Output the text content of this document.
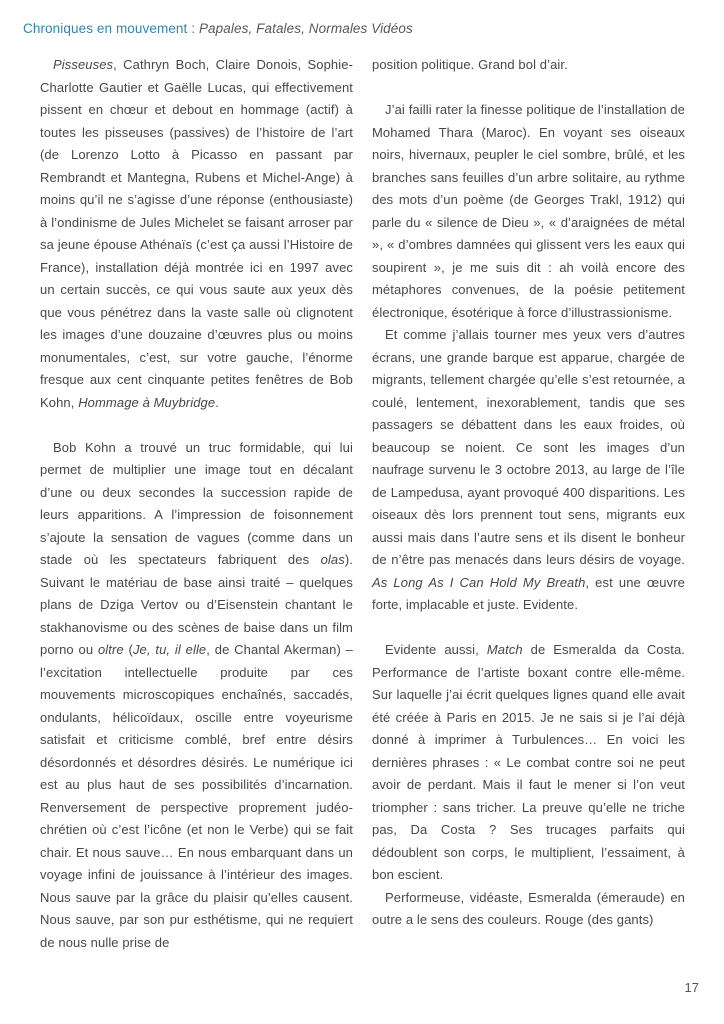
Chroniques en mouvement : Papales, Fatales, Normales Vidéos

Pisseuses, Cathryn Boch, Claire Donois, Sophie-Charlotte Gautier et Gaëlle Lucas, qui effectivement pissent en chœur et debout en hommage (actif) à toutes les pisseuses (passives) de l’histoire de l’art (de Lorenzo Lotto à Picasso en passant par Rembrandt et Mantegna, Rubens et Michel-Ange) à moins qu’il ne s’agisse d’une réponse (enthousiaste) à l’ondinisme de Jules Michelet se faisant arroser par sa jeune épouse Athénaïs (c’est ça aussi l’Histoire de France), installation déjà montrée ici en 1997 avec un certain succès, ce qui vous saute aux yeux dès que vous pénétrez dans la vaste salle où clignotent les images d’une douzaine d’œuvres plus ou moins monumentales, c’est, sur votre gauche, l’énorme fresque aux cent cinquante petites fenêtres de Bob Kohn, Hommage à Muybridge.

Bob Kohn a trouvé un truc formidable, qui lui permet de multiplier une image tout en décalant d’une ou deux secondes la succession rapide de leurs apparitions. A l’impression de foisonnement s’ajoute la sensation de vagues (comme dans un stade où les spectateurs fabriquent des olas). Suivant le matériau de base ainsi traité – quelques plans de Dziga Vertov ou d’Eisenstein chantant le stakhanovisme ou des scènes de baise dans un film porno ou oltre (Je, tu, il elle, de Chantal Akerman) – l’excitation intellectuelle produite par ces mouvements microscopiques enchaînés, saccadés, ondulants, hélicoïdaux, oscille entre voyeurisme satisfait et criticisme comblé, bref entre désirs désordonnés et désordres désirés. Le numérique ici est au plus haut de ses possibilités d’incarnation. Renversement de perspective proprement judéo-chrétien où c’est l’icône (et non le Verbe) qui se fait chair. Et nous sauve… En nous embarquant dans un voyage infini de jouissance à l’intérieur des images. Nous sauve par la grâce du plaisir qu’elles causent. Nous sauve, par son pur esthétisme, qui ne requiert de nous nulle prise de

position politique. Grand bol d’air.

J’ai failli rater la finesse politique de l’installation de Mohamed Thara (Maroc). En voyant ses oiseaux noirs, hivernaux, peupler le ciel sombre, brûlé, et les branches sans feuilles d’un arbre solitaire, au rythme des mots d’un poème (de Georges Trakl, 1912) qui parle du « silence de Dieu », « d’araignées de métal », « d’ombres damnées qui glissent vers les eaux qui soupirent », je me suis dit : ah voilà encore des métaphores convenues, de la poésie petitement électronique, ésotérique à force d’illustrassionisme.

Et comme j’allais tourner mes yeux vers d’autres écrans, une grande barque est apparue, chargée de migrants, tellement chargée qu’elle s’est retournée, a coulé, lentement, inexorablement, tandis que ses passagers se débattent dans les eaux froides, où beaucoup se noient. Ce sont les images d’un naufrage survenu le 3 octobre 2013, au large de l’île de Lampedusa, ayant provoqué 400 disparitions. Les oiseaux dès lors prennent tout sens, migrants eux aussi mais dans l’autre sens et ils disent le bonheur de n’être pas menacés dans leurs désirs de voyage. As Long As I Can Hold My Breath, est une œuvre forte, implacable et juste. Evidente.

Evidente aussi, Match de Esmeralda da Costa. Performance de l’artiste boxant contre elle-même. Sur laquelle j’ai écrit quelques lignes quand elle avait été créée à Paris en 2015. Je ne sais si je l’ai déjà donné à imprimer à Turbulences… En voici les dernières phrases : « Le combat contre soi ne peut avoir de perdant. Mais il faut le mener si l’on veut triompher : sans tricher. La preuve qu’elle ne triche pas, Da Costa ? Ses trucages parfaits qui dédoublent son corps, le multiplient, l’essaiment, à bon escient.

Performeuse, vidéaste, Esmeralda (émeraude) en outre a le sens des couleurs. Rouge (des gants)

17
